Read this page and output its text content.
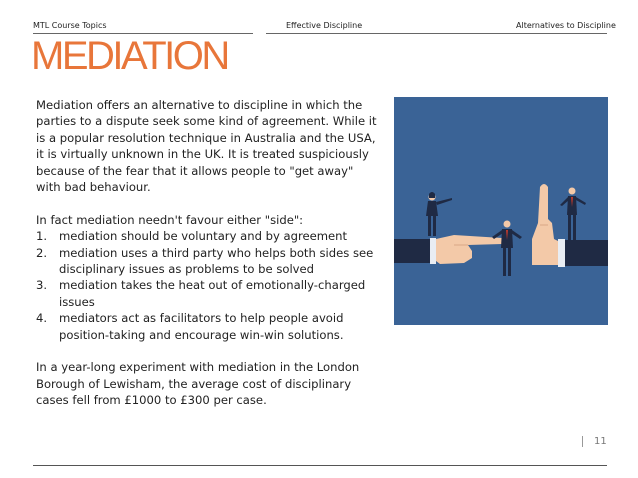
MTL Course Topics	Effective Discipline	Alternatives to Discipline
MEDIATION

Mediation offers an alternative to discipline in which the parties to a dispute seek some kind of agreement. While it is a popular resolution technique in Australia and the USA, it is virtually unknown in the UK. It is treated suspiciously because of the fear that it allows people to "get away" with bad behaviour.

In fact mediation needn't favour either "side":

1. mediation should be voluntary and by agreement
2. mediation uses a third party who helps both sides see disciplinary issues as problems to be solved
3. mediation takes the heat out of emotionally-charged issues
4. mediators act as facilitators to help people avoid position-taking and encourage win-win solutions.

In a year-long experiment with mediation in the London Borough of Lewisham, the average cost of disciplinary cases fell from £1000 to £300 per case.

11
